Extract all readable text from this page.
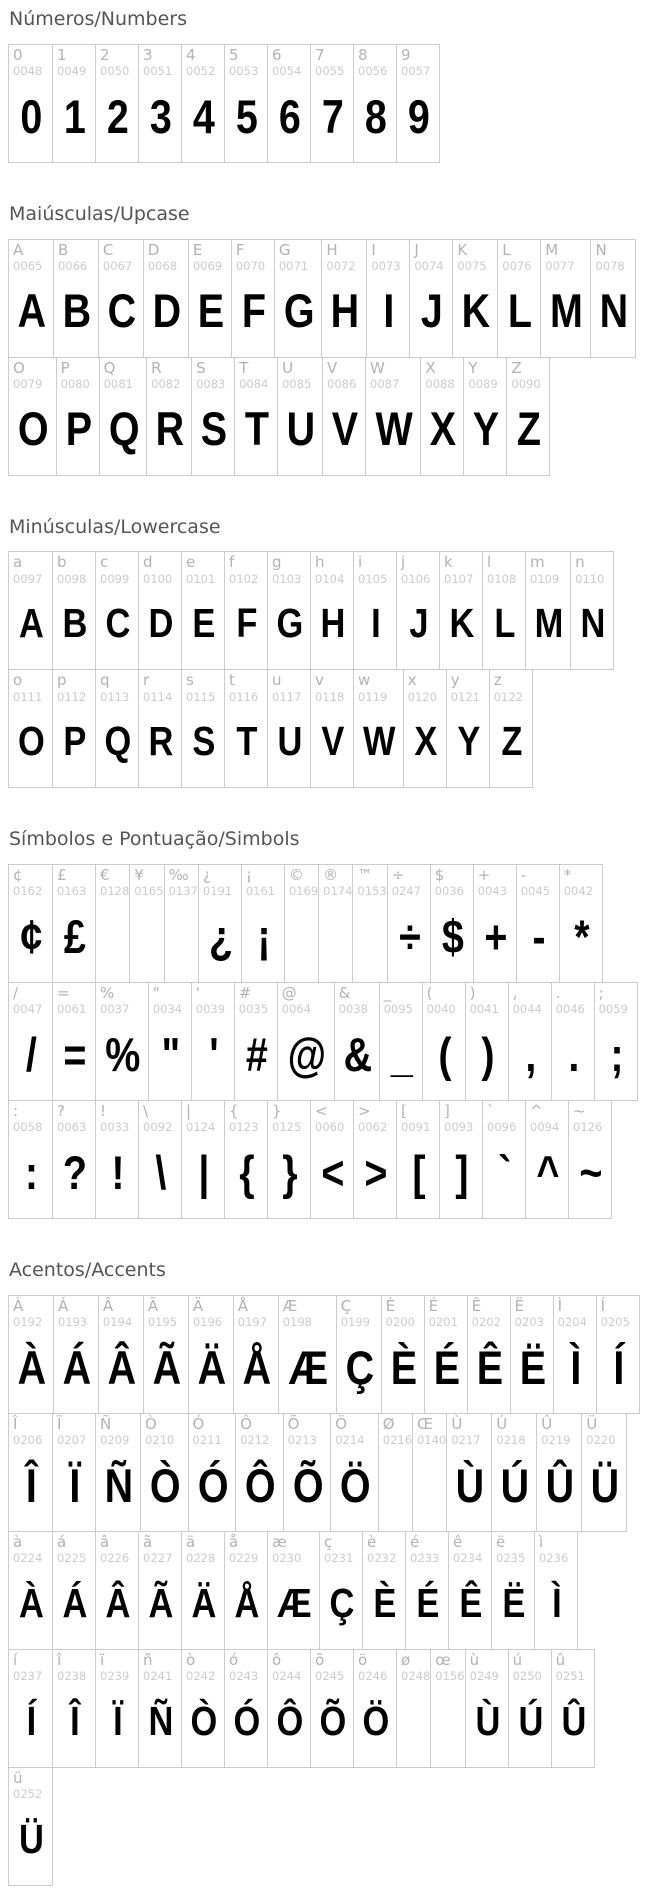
Números/Numbers
0
0048
0
1
0049
1
2
0050
2
3
0051
3
4
0052
4
5
0053
5
6
0054
6
7
0055
7
8
0056
8
9
0057
9
Maiúsculas/Upcase
A
0065
A
B
0066
B
C
0067
C
D
0068
D
E
0069
E
F
0070
F
G
0071
G
H
0072
H
I
0073
I
J
0074
J
K
0075
K
L
0076
L
M
0077
M
N
0078
N
O
0079
O
P
0080
P
Q
0081
Q
R
0082
R
S
0083
S
T
0084
T
U
0085
U
V
0086
V
W
0087
W
X
0088
X
Y
0089
Y
Z
0090
Z
Minúsculas/Lowercase
a
0097
A
b
0098
B
c
0099
C
d
0100
D
e
0101
E
f
0102
F
g
0103
G
h
0104
H
i
0105
I
j
0106
J
k
0107
K
l
0108
L
m
0109
M
n
0110
N
o
0111
O
p
0112
P
q
0113
Q
r
0114
R
s
0115
S
t
0116
T
u
0117
U
v
0118
V
w
0119
W
x
0120
X
y
0121
Y
z
0122
Z
Símbolos e Pontuação/Simbols
¢
0162
¢
£
0163
£
€
0128
¥
0165
‰
0137
¿
0191
¿
¡
0161
¡
©
0169
®
0174
™
0153
÷
0247
÷
$
0036
$
+
0043
+
-
0045
-
*
0042
*
/
0047
/
=
0061
=
%
0037
%
"
0034
"
'
0039
'
#
0035
#
@
0064
@
&
0038
&
_
0095
_
(
0040
(
)
0041
)
,
0044
,
.
0046
.
;
0059
;
:
0058
:
?
0063
?
!
0033
!
\
0092
\
|
0124
|
{
0123
{
}
0125
}
<
0060
<
>
0062
>
[
0091
[
]
0093
]
`
0096
`
^
0094
^
~
0126
~
Acentos/Accents
À
0192
À
Á
0193
Á
Â
0194
Â
Ã
0195
Ã
Ä
0196
Ä
Å
0197
Å
Æ
0198
Æ
Ç
0199
Ç
È
0200
È
É
0201
É
Ê
0202
Ê
Ë
0203
Ë
Ì
0204
Ì
Í
0205
Í
Î
0206
Î
Ï
0207
Ï
Ñ
0209
Ñ
Ò
0210
Ò
Ó
0211
Ó
Ô
0212
Ô
Õ
0213
Õ
Ö
0214
Ö
Ø
0216
Œ
0140
Ù
0217
Ù
Ú
0218
Ú
Û
0219
Û
Ü
0220
Ü
à
0224
À
á
0225
Á
â
0226
Â
ã
0227
Ã
ä
0228
Ä
å
0229
Å
æ
0230
Æ
ç
0231
Ç
è
0232
È
é
0233
É
ê
0234
Ê
ë
0235
Ë
ì
0236
Ì
í
0237
Í
î
0238
Î
ï
0239
Ï
ñ
0241
Ñ
ò
0242
Ò
ó
0243
Ó
ô
0244
Ô
õ
0245
Õ
ö
0246
Ö
ø
0248
œ
0156
ù
0249
Ù
ú
0250
Ú
û
0251
Û
ü
0252
Ü
